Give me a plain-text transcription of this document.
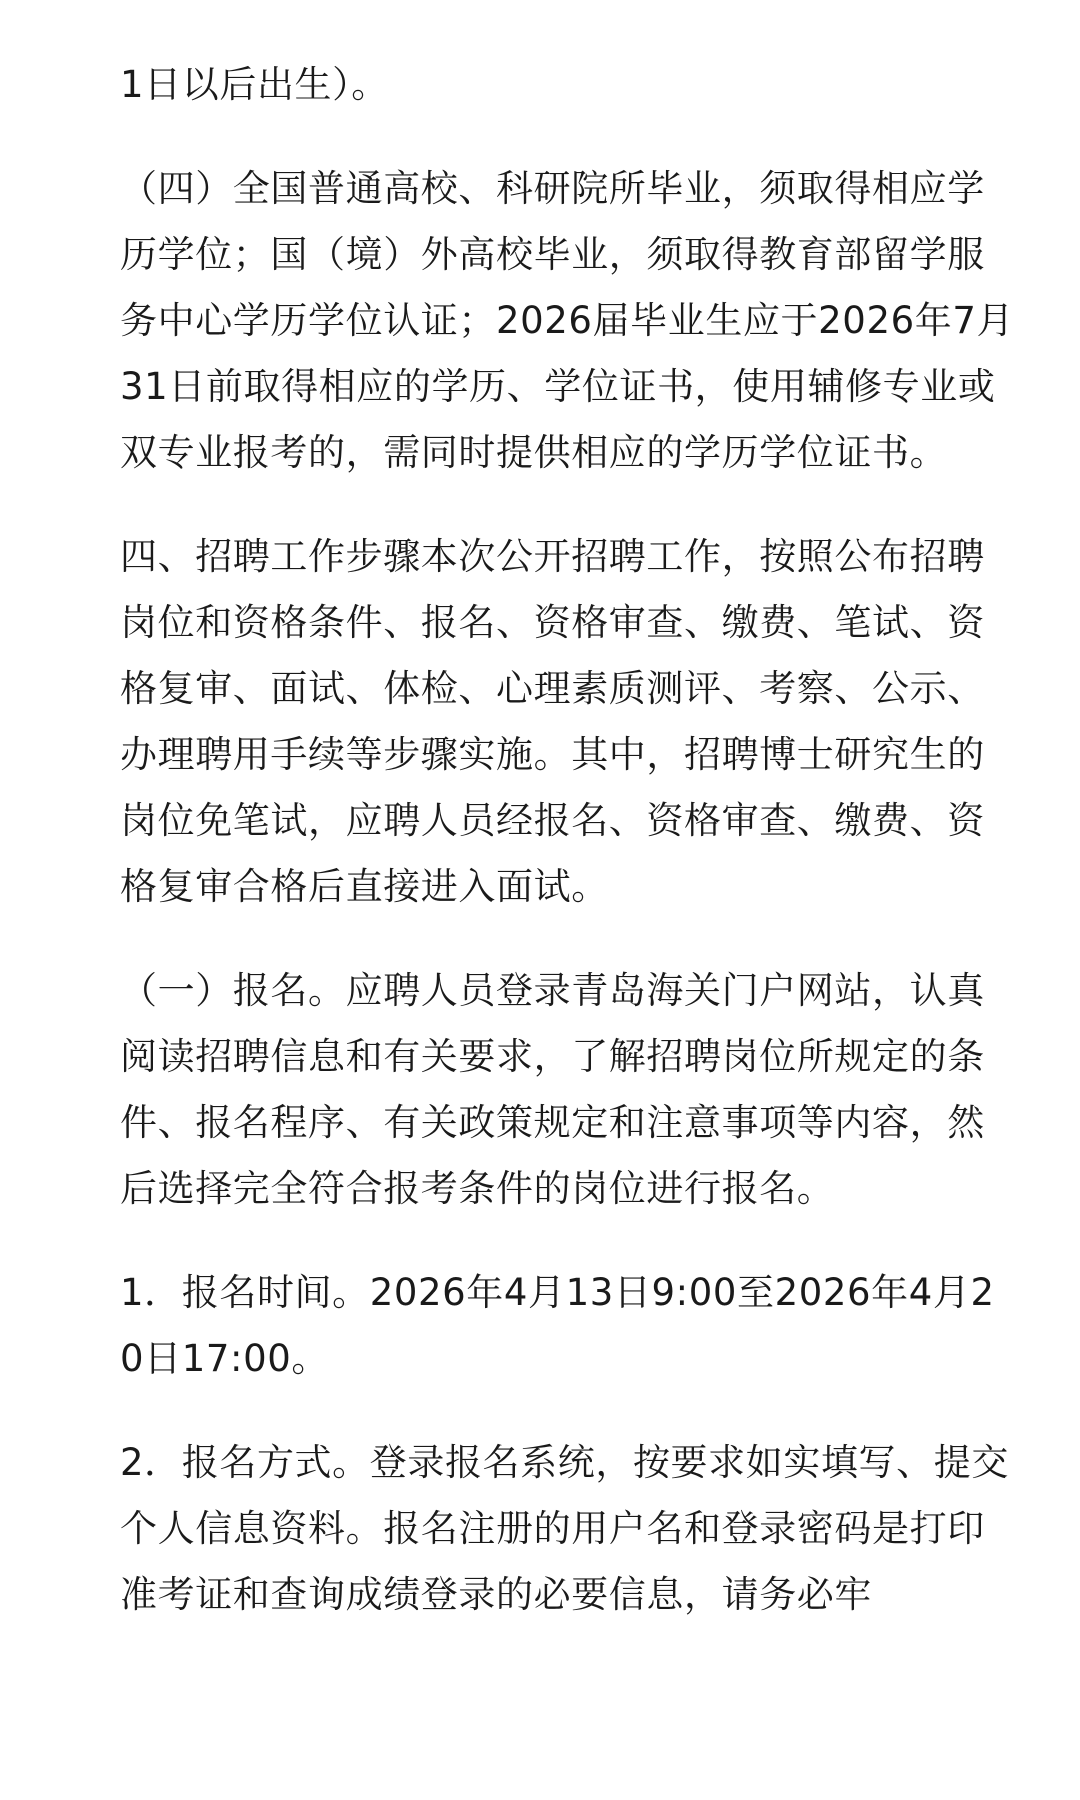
1日以后出生）。

（四）全国普通高校、科研院所毕业，须取得相应学历学位；国（境）外高校毕业，须取得教育部留学服务中心学历学位认证；2026届毕业生应于2026年7月31日前取得相应的学历、学位证书，使用辅修专业或双专业报考的，需同时提供相应的学历学位证书。

四、招聘工作步骤本次公开招聘工作，按照公布招聘岗位和资格条件、报名、资格审查、缴费、笔试、资格复审、面试、体检、心理素质测评、考察、公示、办理聘用手续等步骤实施。其中，招聘博士研究生的岗位免笔试，应聘人员经报名、资格审查、缴费、资格复审合格后直接进入面试。

（一）报名。应聘人员登录青岛海关门户网站，认真阅读招聘信息和有关要求，了解招聘岗位所规定的条件、报名程序、有关政策规定和注意事项等内容，然后选择完全符合报考条件的岗位进行报名。

1．报名时间。2026年4月13日9:00至2026年4月20日17:00。

2．报名方式。登录报名系统，按要求如实填写、提交个人信息资料。报名注册的用户名和登录密码是打印准考证和查询成绩登录的必要信息，请务必牢
